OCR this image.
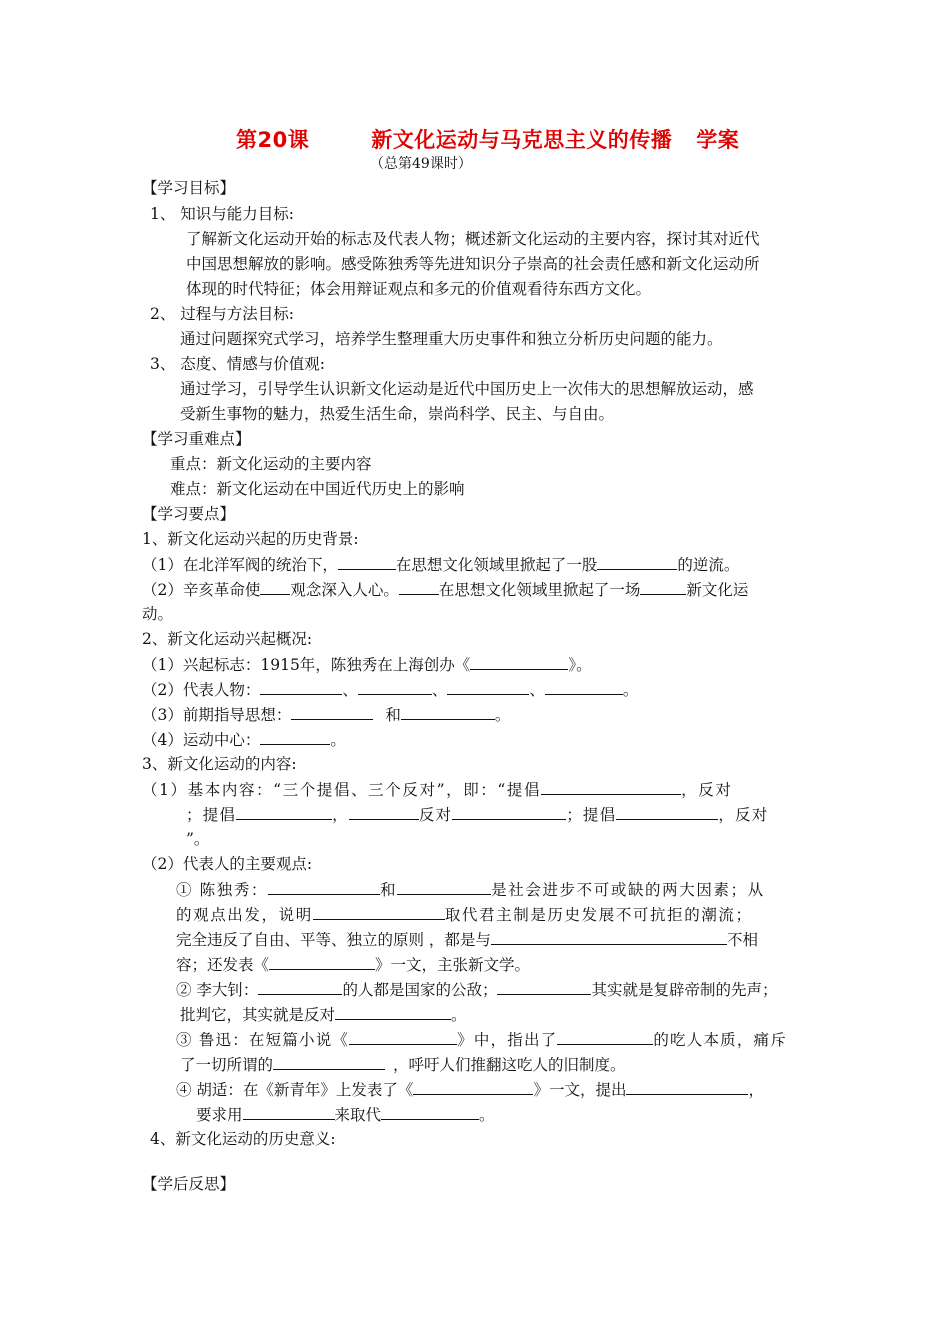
第20课	新文化运动与马克思主义的传播 学案
（总第49课时）
【学习目标】
1、 知识与能力目标:
了解新文化运动开始的标志及代表人物；概述新文化运动的主要内容，探讨其对近代
中国思想解放的影响。感受陈独秀等先进知识分子崇高的社会责任感和新文化运动所
体现的时代特征；体会用辩证观点和多元的价值观看待东西方文化。
2、 过程与方法目标:
通过问题探究式学习，培养学生整理重大历史事件和独立分析历史问题的能力。
3、 态度、情感与价值观:
通过学习，引导学生认识新文化运动是近代中国历史上一次伟大的思想解放运动，感
受新生事物的魅力，热爱生活生命，崇尚科学、民主、与自由。
【学习重难点】
重点：新文化运动的主要内容
难点：新文化运动在中国近代历史上的影响
【学习要点】
1、新文化运动兴起的历史背景:
（1）在北洋军阀的统治下，	在思想文化领域里掀起了一股	的逆流。
（2）辛亥革命使 观念深入人心。	在思想文化领域里掀起了一场	新文化运
动。
2、新文化运动兴起概况:
（1）兴起标志：1915年，陈独秀在上海创办《	》。
（2）代表人物：	、	、	、	。
（3）前期指导思想：	和	。
（4）运动中心：	。
3、新文化运动的内容:
（1）基本内容：“三个提倡、三个反对”，即：“提倡	，反对
；提倡	，	反对	；提倡	，反对
”。
（2）代表人的主要观点:
① 陈独秀：	和	是社会进步不可或缺的两大因素；从
的观点出发，说明	取代君主制是历史发展不可抗拒的潮流；
完全违反了自由、平等、独立的原则 ，都是与	不相
容；还发表《	》一文，主张新文学。
② 李大钊：	的人都是国家的公敌；	其实就是复辟帝制的先声；
批判它，其实就是反对	。
③ 鲁迅：在短篇小说《	》中，指出了	的吃人本质，痛斥
了一切所谓的	，呼吁人们推翻这吃人的旧制度。
④ 胡适：在《新青年》上发表了《	》一文，提出	，
要求用	来取代	。
4、新文化运动的历史意义:
【学后反思】
